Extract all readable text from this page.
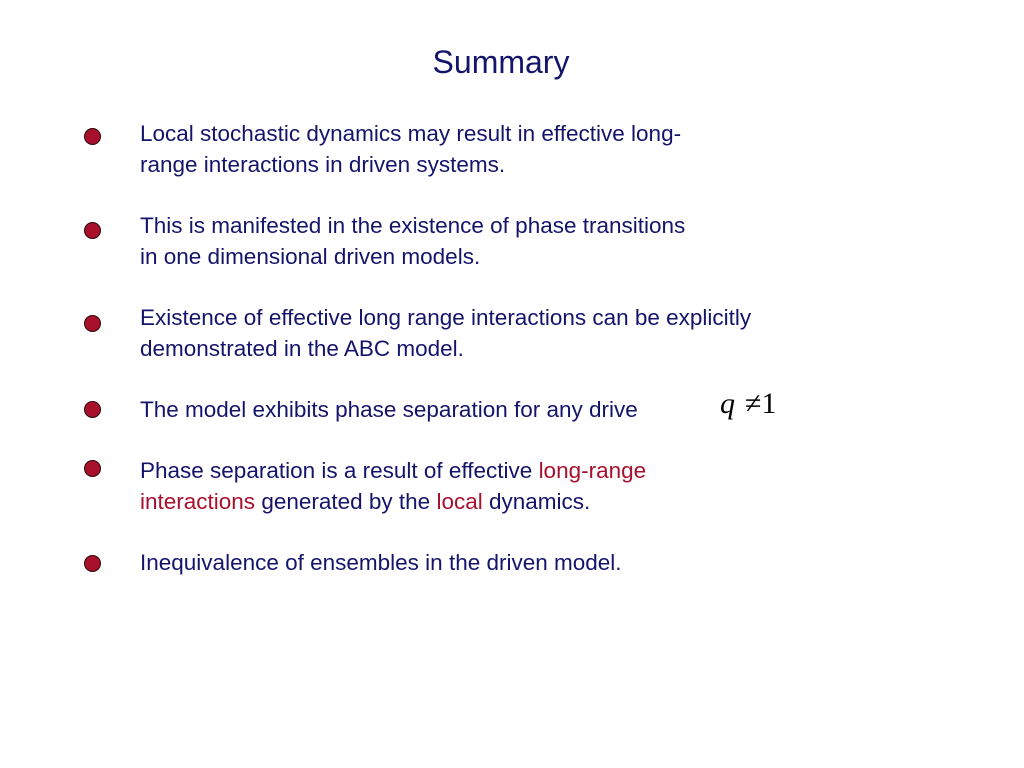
Summary
Local stochastic dynamics may result in effective long-
range interactions in driven systems.
This is manifested in the existence of phase transitions
in one dimensional driven models.
Existence of effective long range interactions can be explicitly
demonstrated in the ABC model.
The model exhibits phase separation for any drive	q ≠1
Phase separation is a result of effective long-range
interactions generated by the local dynamics.
Inequivalence of ensembles in the driven model.
